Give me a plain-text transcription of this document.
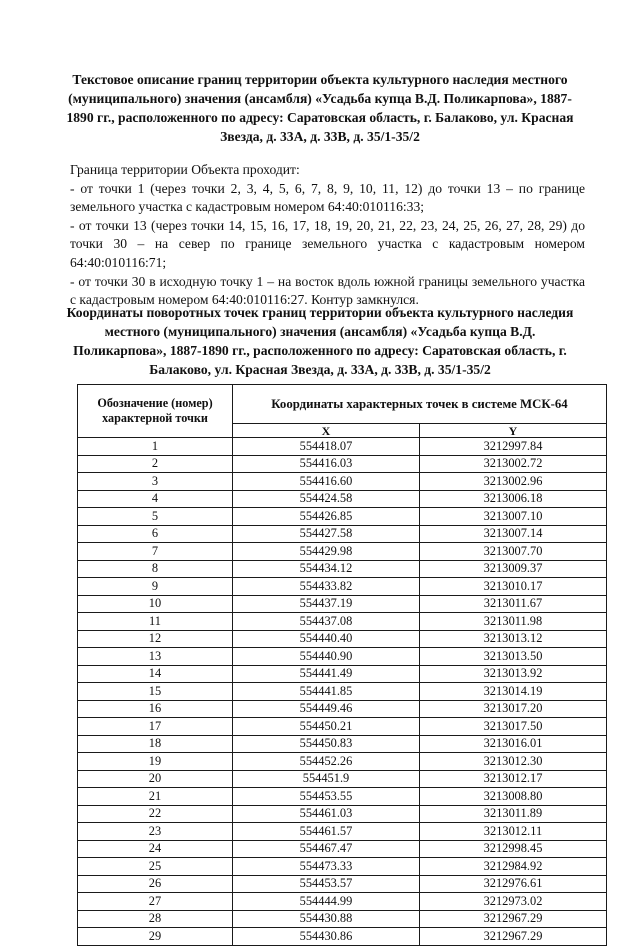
Текстовое описание границ территории объекта культурного наследия местного (муниципального) значения (ансамбля) «Усадьба купца В.Д. Поликарпова», 1887-1890 гг., расположенного по адресу: Саратовская область, г. Балаково, ул. Красная Звезда, д. 33А, д. 33В, д. 35/1-35/2

Граница территории Объекта проходит:

- от точки 1 (через точки 2, 3, 4, 5, 6, 7, 8, 9, 10, 11, 12) до точки 13 – по границе земельного участка с кадастровым номером 64:40:010116:33;

- от точки 13 (через точки 14, 15, 16, 17, 18, 19, 20, 21, 22, 23, 24, 25, 26, 27, 28, 29) до точки 30 – на север по границе земельного участка с кадастровым номером 64:40:010116:71;

- от точки 30 в исходную точку 1 – на восток вдоль южной границы земельного участка с кадастровым номером 64:40:010116:27. Контур замкнулся.

Координаты поворотных точек границ территории объекта культурного наследия местного (муниципального) значения (ансамбля) «Усадьба купца В.Д. Поликарпова», 1887-1890 гг., расположенного по адресу: Саратовская область, г. Балаково, ул. Красная Звезда, д. 33А, д. 33В, д. 35/1-35/2
Обозначение (номер) характерной точки	Координаты характерных точек в системе МСК-64	
	X	Y
1	554418.07	3212997.84
2	554416.03	3213002.72
3	554416.60	3213002.96
4	554424.58	3213006.18
5	554426.85	3213007.10
6	554427.58	3213007.14
7	554429.98	3213007.70
8	554434.12	3213009.37
9	554433.82	3213010.17
10	554437.19	3213011.67
11	554437.08	3213011.98
12	554440.40	3213013.12
13	554440.90	3213013.50
14	554441.49	3213013.92
15	554441.85	3213014.19
16	554449.46	3213017.20
17	554450.21	3213017.50
18	554450.83	3213016.01
19	554452.26	3213012.30
20	554451.9	3213012.17
21	554453.55	3213008.80
22	554461.03	3213011.89
23	554461.57	3213012.11
24	554467.47	3212998.45
25	554473.33	3212984.92
26	554453.57	3212976.61
27	554444.99	3212973.02
28	554430.88	3212967.29
29	554430.86	3212967.29
